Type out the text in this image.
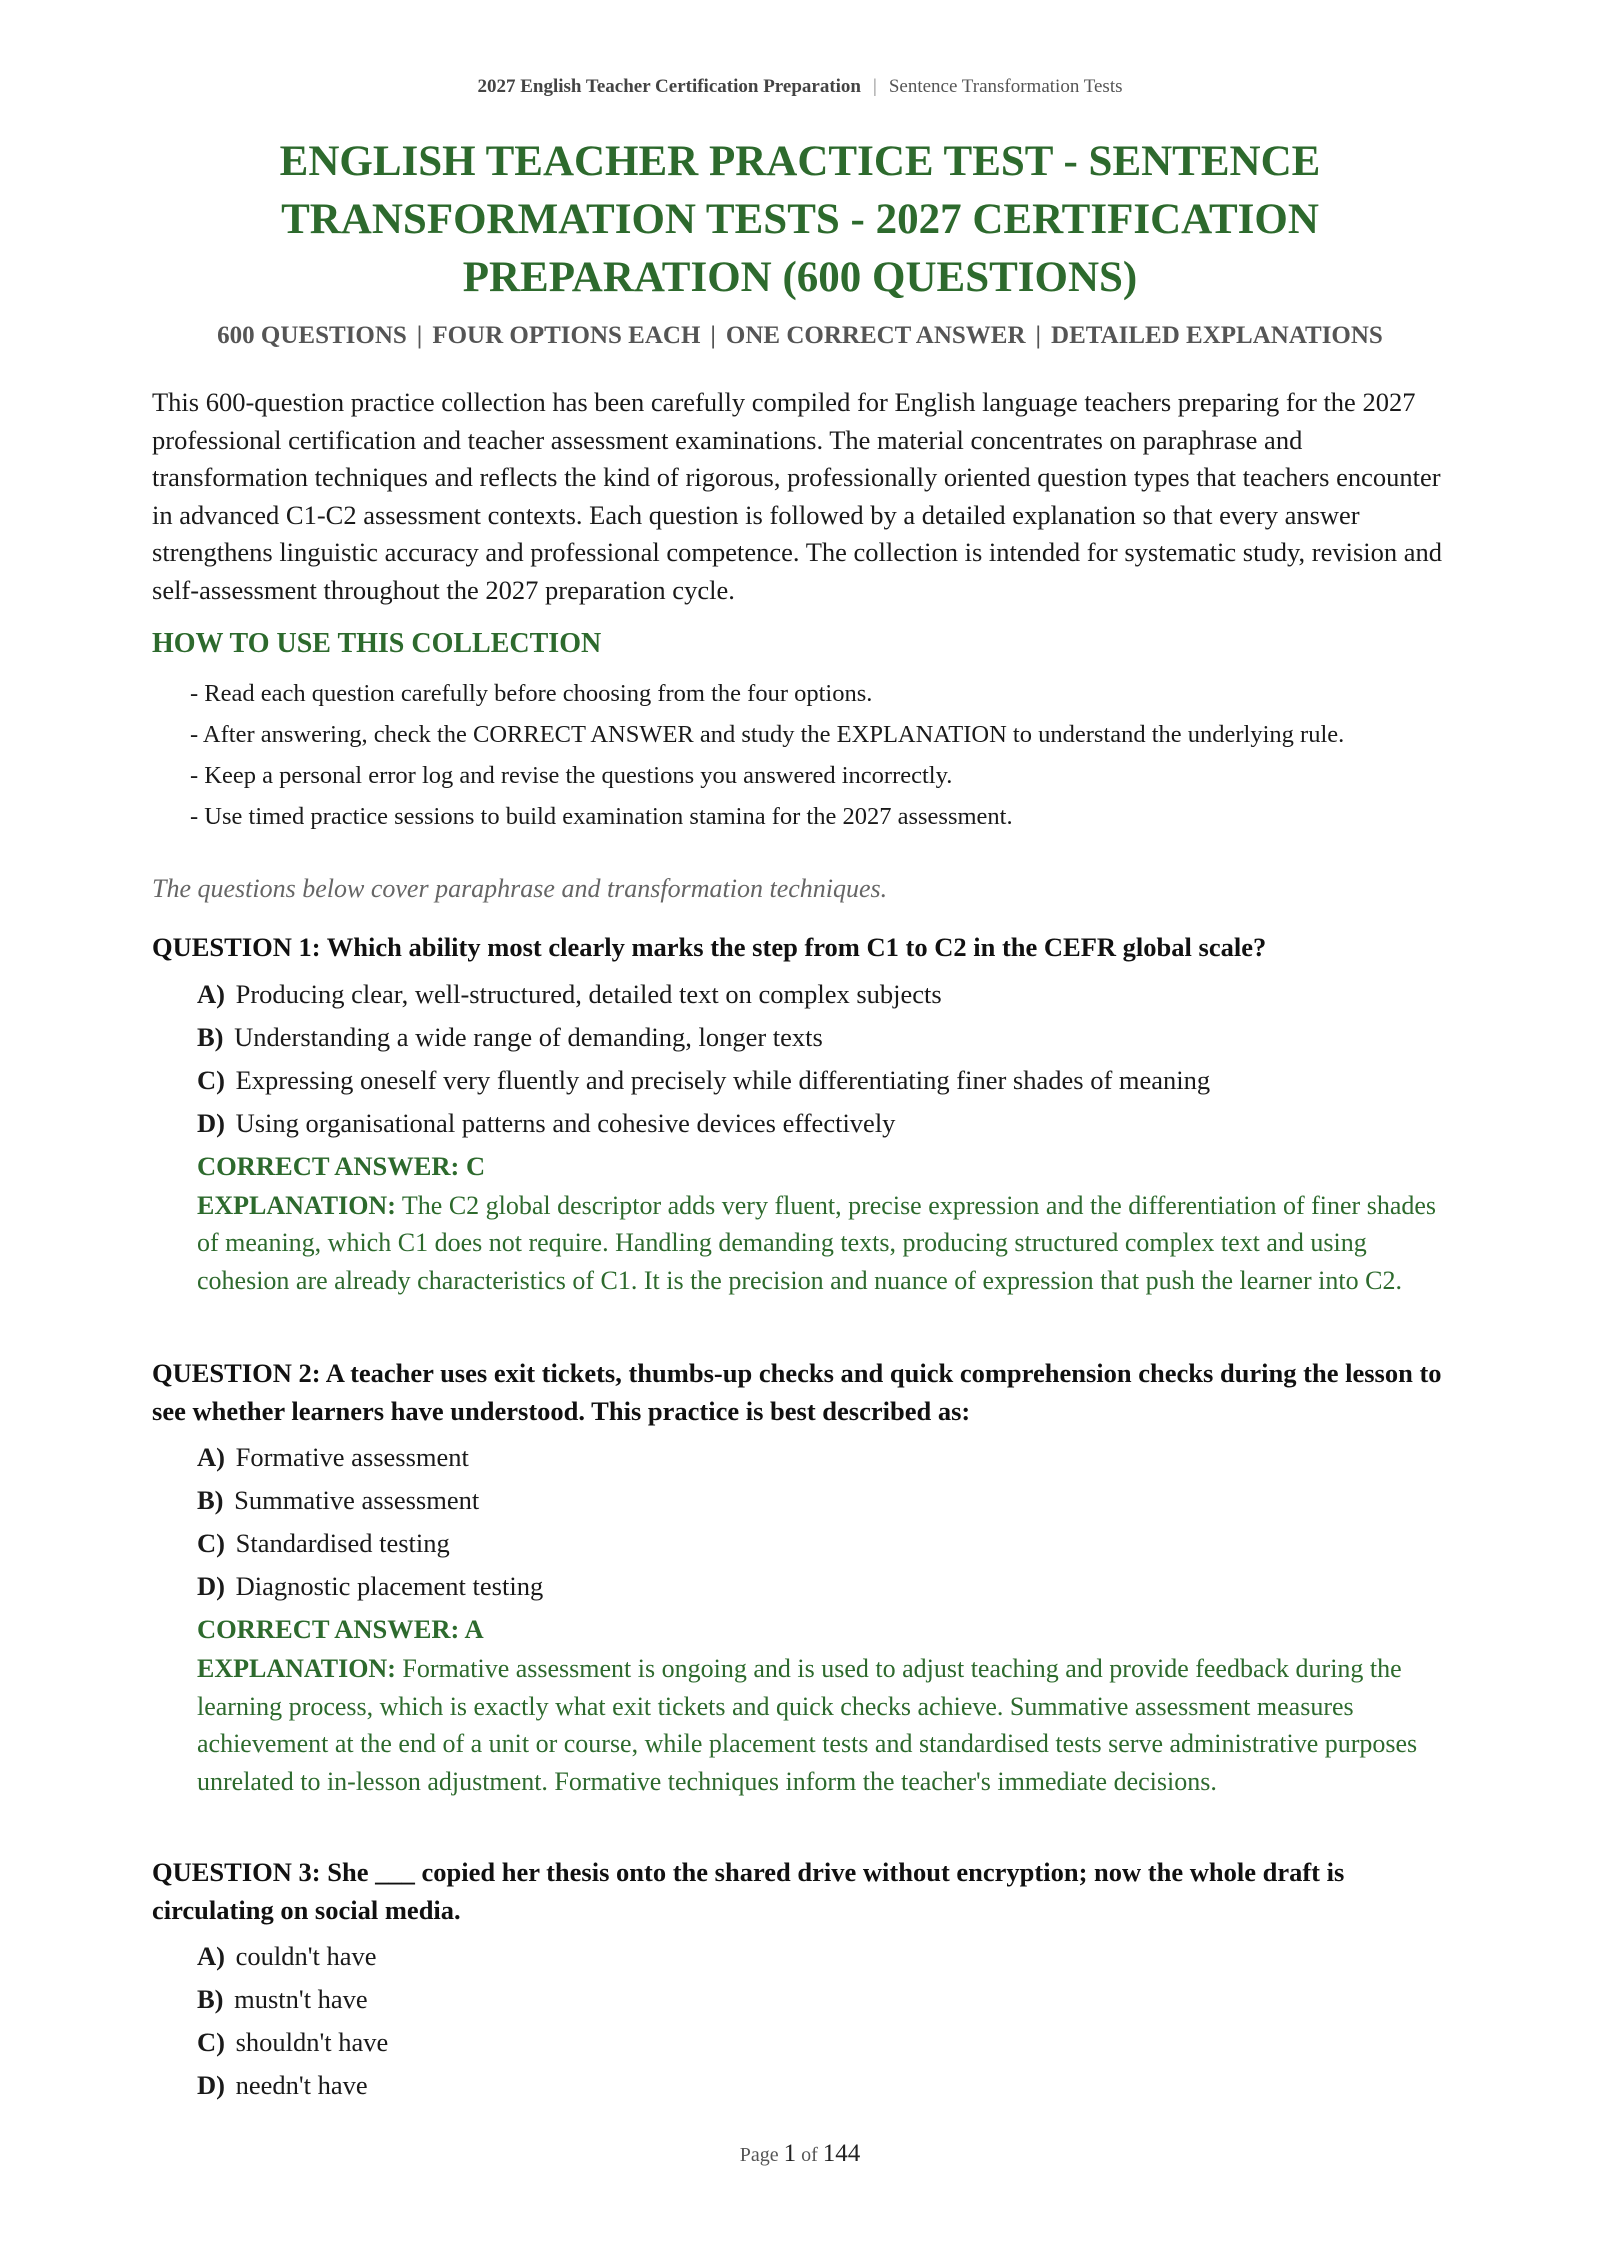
2027 English Teacher Certification Preparation | Sentence Transformation Tests
ENGLISH TEACHER PRACTICE TEST - SENTENCE TRANSFORMATION TESTS - 2027 CERTIFICATION PREPARATION (600 QUESTIONS)
600 QUESTIONS | FOUR OPTIONS EACH | ONE CORRECT ANSWER | DETAILED EXPLANATIONS

This 600-question practice collection has been carefully compiled for English language teachers preparing for the 2027 professional certification and teacher assessment examinations. The material concentrates on paraphrase and transformation techniques and reflects the kind of rigorous, professionally oriented question types that teachers encounter in advanced C1-C2 assessment contexts. Each question is followed by a detailed explanation so that every answer strengthens linguistic accuracy and professional competence. The collection is intended for systematic study, revision and self-assessment throughout the 2027 preparation cycle.

HOW TO USE THIS COLLECTION
- Read each question carefully before choosing from the four options.
- After answering, check the CORRECT ANSWER and study the EXPLANATION to understand the underlying rule.
- Keep a personal error log and revise the questions you answered incorrectly.
- Use timed practice sessions to build examination stamina for the 2027 assessment.

The questions below cover paraphrase and transformation techniques.

QUESTION 1: Which ability most clearly marks the step from C1 to C2 in the CEFR global scale?

A) Producing clear, well-structured, detailed text on complex subjects
B) Understanding a wide range of demanding, longer texts
C) Expressing oneself very fluently and precisely while differentiating finer shades of meaning
D) Using organisational patterns and cohesive devices effectively
CORRECT ANSWER: C

EXPLANATION: The C2 global descriptor adds very fluent, precise expression and the differentiation of finer shades of meaning, which C1 does not require. Handling demanding texts, producing structured complex text and using cohesion are already characteristics of C1. It is the precision and nuance of expression that push the learner into C2.

QUESTION 2: A teacher uses exit tickets, thumbs-up checks and quick comprehension checks during the lesson to see whether learners have understood. This practice is best described as:

A) Formative assessment
B) Summative assessment
C) Standardised testing
D) Diagnostic placement testing
CORRECT ANSWER: A

EXPLANATION: Formative assessment is ongoing and is used to adjust teaching and provide feedback during the learning process, which is exactly what exit tickets and quick checks achieve. Summative assessment measures achievement at the end of a unit or course, while placement tests and standardised tests serve administrative purposes unrelated to in-lesson adjustment. Formative techniques inform the teacher's immediate decisions.

QUESTION 3: She ___ copied her thesis onto the shared drive without encryption; now the whole draft is circulating on social media.

A) couldn't have
B) mustn't have
C) shouldn't have
D) needn't have
Page 1 of 144
